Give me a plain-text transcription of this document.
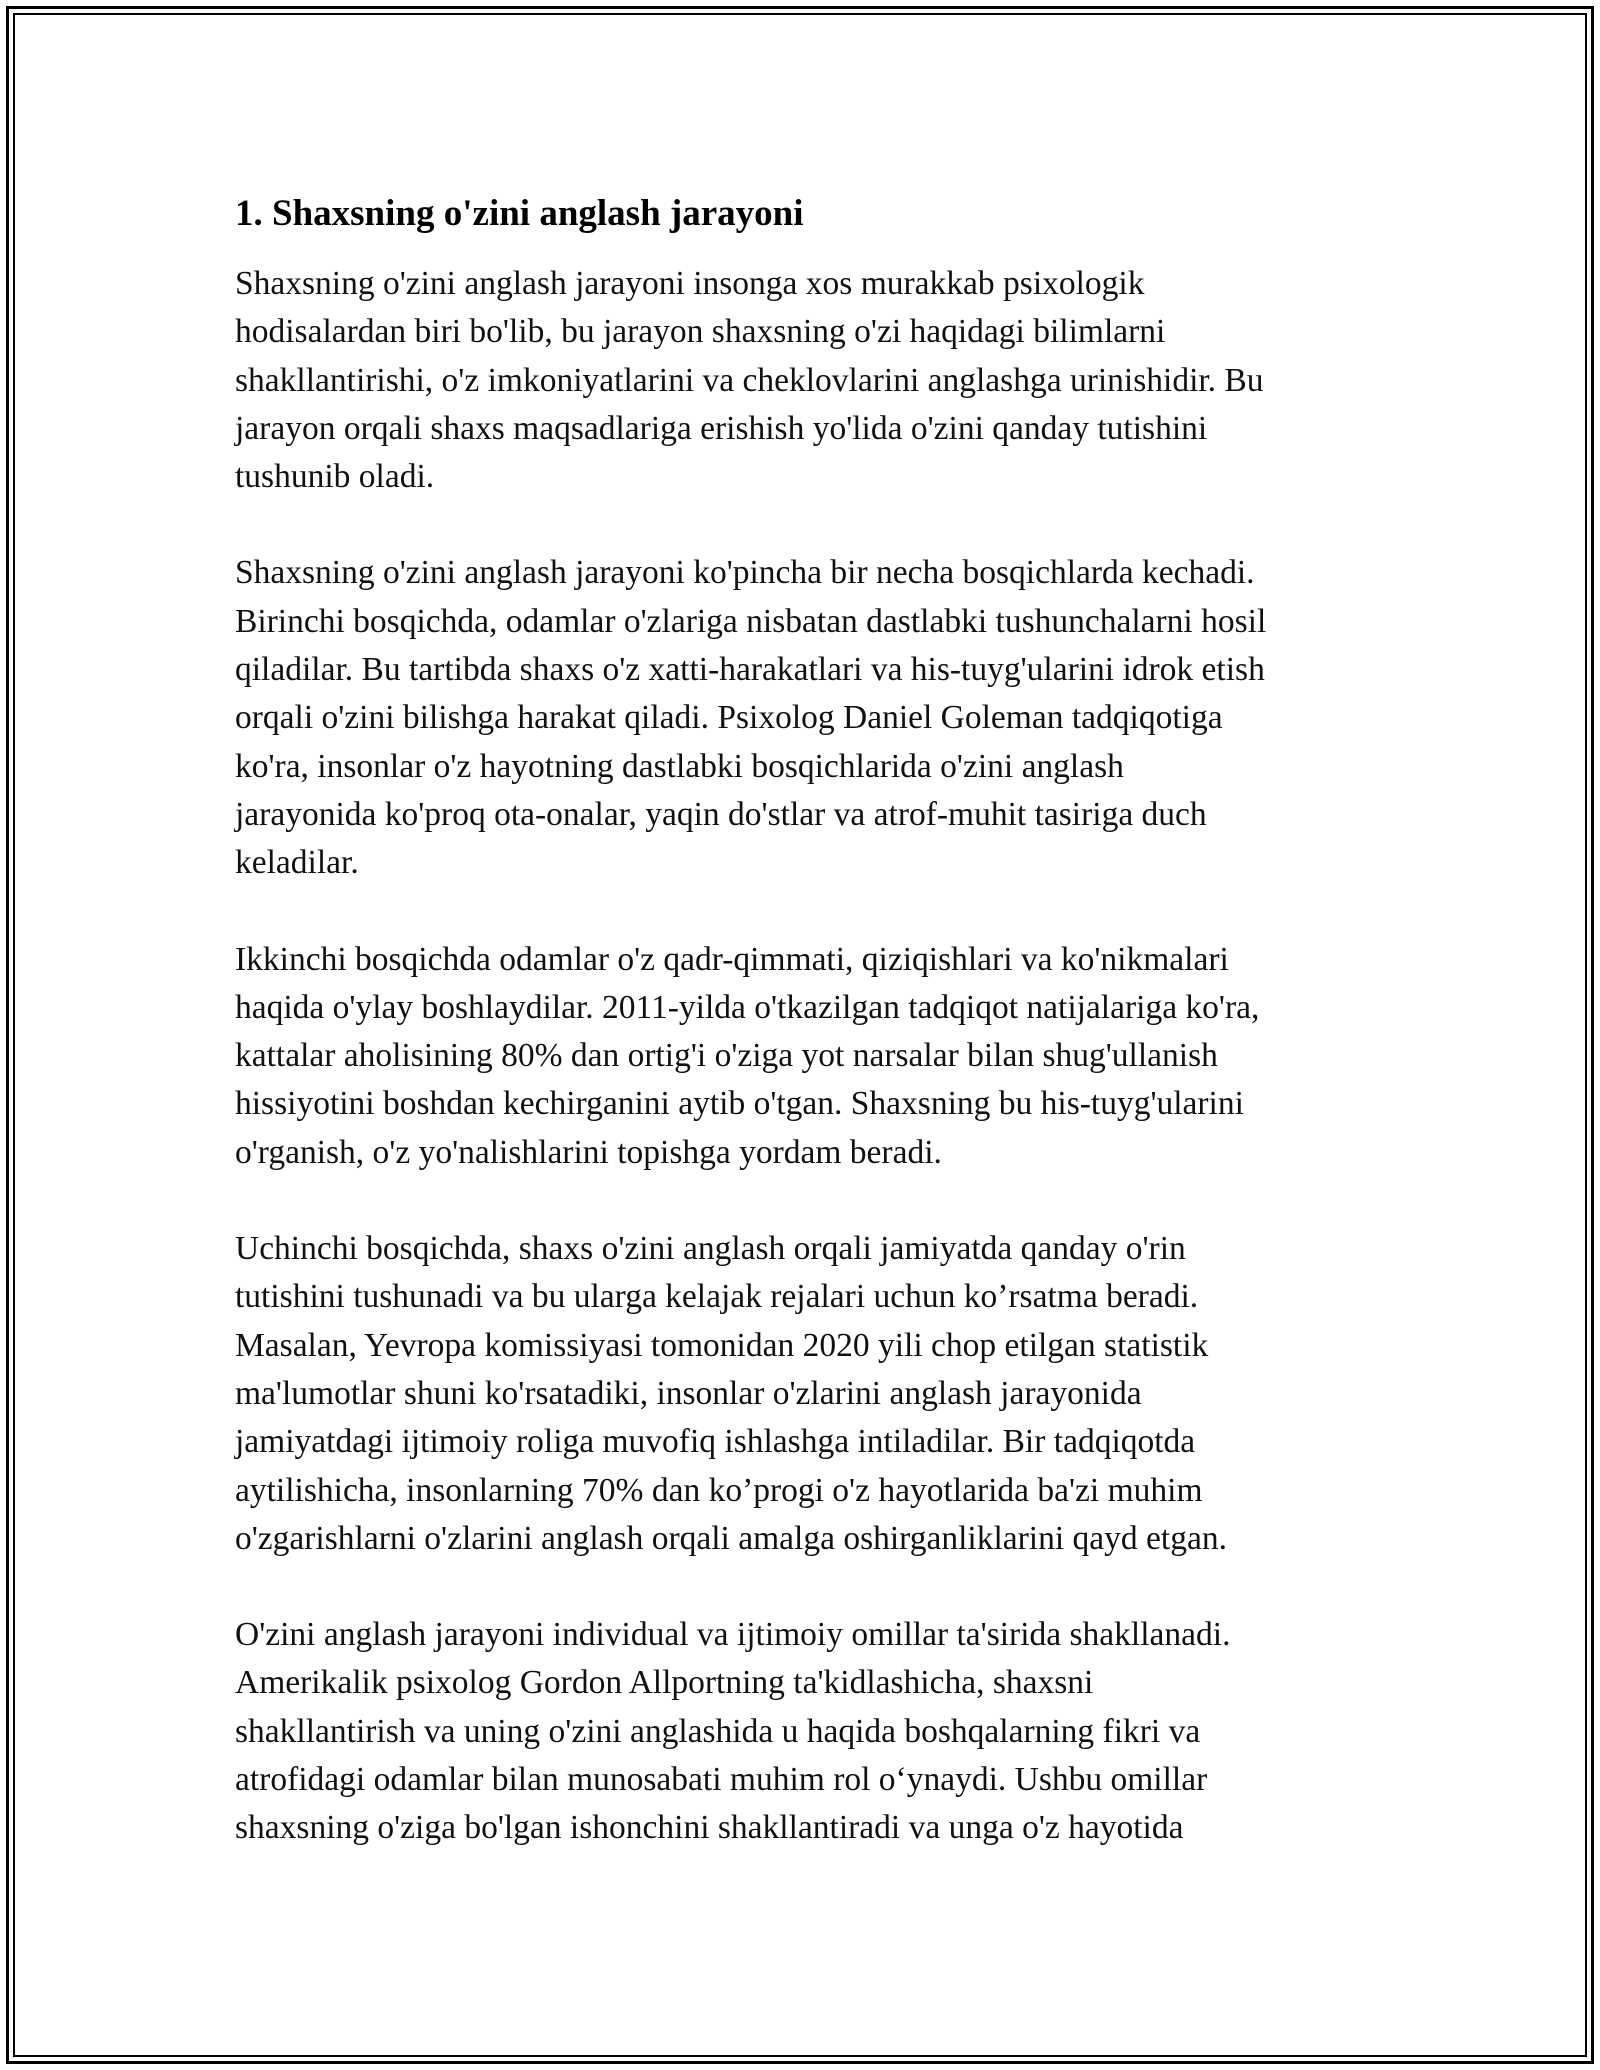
1. Shaxsning o'zini anglash jarayoni
Shaxsning o'zini anglash jarayoni insonga xos murakkab psixologik
hodisalardan biri bo'lib, bu jarayon shaxsning o'zi haqidagi bilimlarni
shakllantirishi, o'z imkoniyatlarini va cheklovlarini anglashga urinishidir. Bu
jarayon orqali shaxs maqsadlariga erishish yo'lida o'zini qanday tutishini
tushunib oladi.
Shaxsning o'zini anglash jarayoni ko'pincha bir necha bosqichlarda kechadi.
Birinchi bosqichda, odamlar o'zlariga nisbatan dastlabki tushunchalarni hosil
qiladilar. Bu tartibda shaxs o'z xatti-harakatlari va his-tuyg'ularini idrok etish
orqali o'zini bilishga harakat qiladi. Psixolog Daniel Goleman tadqiqotiga
ko'ra, insonlar o'z hayotning dastlabki bosqichlarida o'zini anglash
jarayonida ko'proq ota-onalar, yaqin do'stlar va atrof-muhit tasiriga duch
keladilar.
Ikkinchi bosqichda odamlar o'z qadr-qimmati, qiziqishlari va ko'nikmalari
haqida o'ylay boshlaydilar. 2011-yilda o'tkazilgan tadqiqot natijalariga ko'ra,
kattalar aholisining 80% dan ortig'i o'ziga yot narsalar bilan shug'ullanish
hissiyotini boshdan kechirganini aytib o'tgan. Shaxsning bu his-tuyg'ularini
o'rganish, o'z yo'nalishlarini topishga yordam beradi.
Uchinchi bosqichda, shaxs o'zini anglash orqali jamiyatda qanday o'rin
tutishini tushunadi va bu ularga kelajak rejalari uchun ko’rsatma beradi.
Masalan, Yevropa komissiyasi tomonidan 2020 yili chop etilgan statistik
ma'lumotlar shuni ko'rsatadiki, insonlar o'zlarini anglash jarayonida
jamiyatdagi ijtimoiy roliga muvofiq ishlashga intiladilar. Bir tadqiqotda
aytilishicha, insonlarning 70% dan ko’progi o'z hayotlarida ba'zi muhim
o'zgarishlarni o'zlarini anglash orqali amalga oshirganliklarini qayd etgan.
O'zini anglash jarayoni individual va ijtimoiy omillar ta'sirida shakllanadi.
Amerikalik psixolog Gordon Allportning ta'kidlashicha, shaxsni
shakllantirish va uning o'zini anglashida u haqida boshqalarning fikri va
atrofidagi odamlar bilan munosabati muhim rol o‘ynaydi. Ushbu omillar
shaxsning o'ziga bo'lgan ishonchini shakllantiradi va unga o'z hayotida
